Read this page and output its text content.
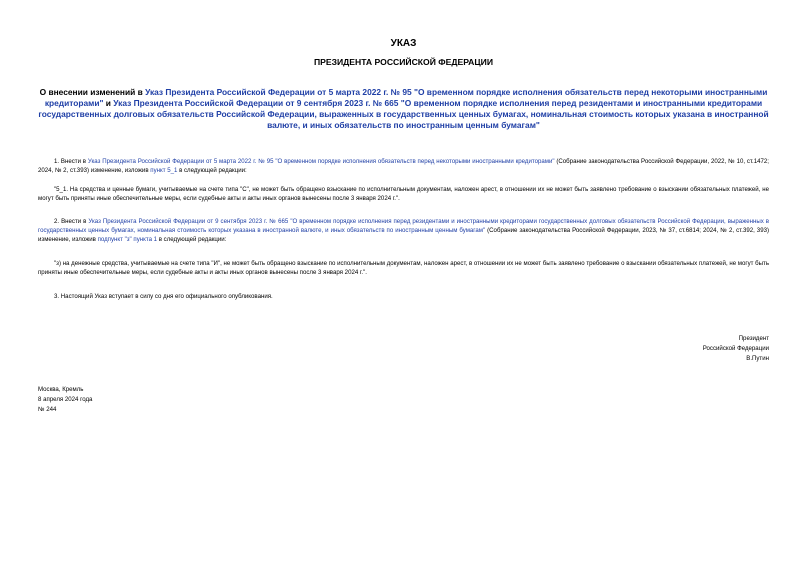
УКАЗ
ПРЕЗИДЕНТА РОССИЙСКОЙ ФЕДЕРАЦИИ
О внесении изменений в Указ Президента Российской Федерации от 5 марта 2022 г. № 95 "О временном порядке исполнения обязательств перед некоторыми иностранными кредиторами" и Указ Президента Российской Федерации от 9 сентября 2023 г. № 665 "О временном порядке исполнения перед резидентами и иностранными кредиторами государственных долговых обязательств Российской Федерации, выраженных в государственных ценных бумагах, номинальная стоимость которых указана в иностранной валюте, и иных обязательств по иностранным ценным бумагам"
1. Внести в Указ Президента Российской Федерации от 5 марта 2022 г. № 95 "О временном порядке исполнения обязательств перед некоторыми иностранными кредиторами" (Собрание законодательства Российской Федерации, 2022, № 10, ст.1472; 2024, № 2, ст.393) изменение, изложив пункт 5_1 в следующей редакции:
"5_1. На средства и ценные бумаги, учитываемые на счете типа "С", не может быть обращено взыскание по исполнительным документам, наложен арест, в отношении их не может быть заявлено требование о взыскании обязательных платежей, не могут быть приняты иные обеспечительные меры, если судебные акты и акты иных органов вынесены после 3 января 2024 г.".
2. Внести в Указ Президента Российской Федерации от 9 сентября 2023 г. № 665 "О временном порядке исполнения перед резидентами и иностранными кредиторами государственных долговых обязательств Российской Федерации, выраженных в государственных ценных бумагах, номинальная стоимость которых указана в иностранной валюте, и иных обязательств по иностранным ценным бумагам" (Собрание законодательства Российской Федерации, 2023, № 37, ст.6814; 2024, № 2, ст.392, 393) изменение, изложив подпункт "з" пункта 1 в следующей редакции:
"з) на денежные средства, учитываемые на счете типа "И", не может быть обращено взыскание по исполнительным документам, наложен арест, в отношении их не может быть заявлено требование о взыскании обязательных платежей, не могут быть приняты иные обеспечительные меры, если судебные акты и акты иных органов вынесены после 3 января 2024 г.".
3. Настоящий Указ вступает в силу со дня его официального опубликования.
Президент
Российской Федерации
В.Путин
Москва, Кремль
8 апреля 2024 года
№ 244
